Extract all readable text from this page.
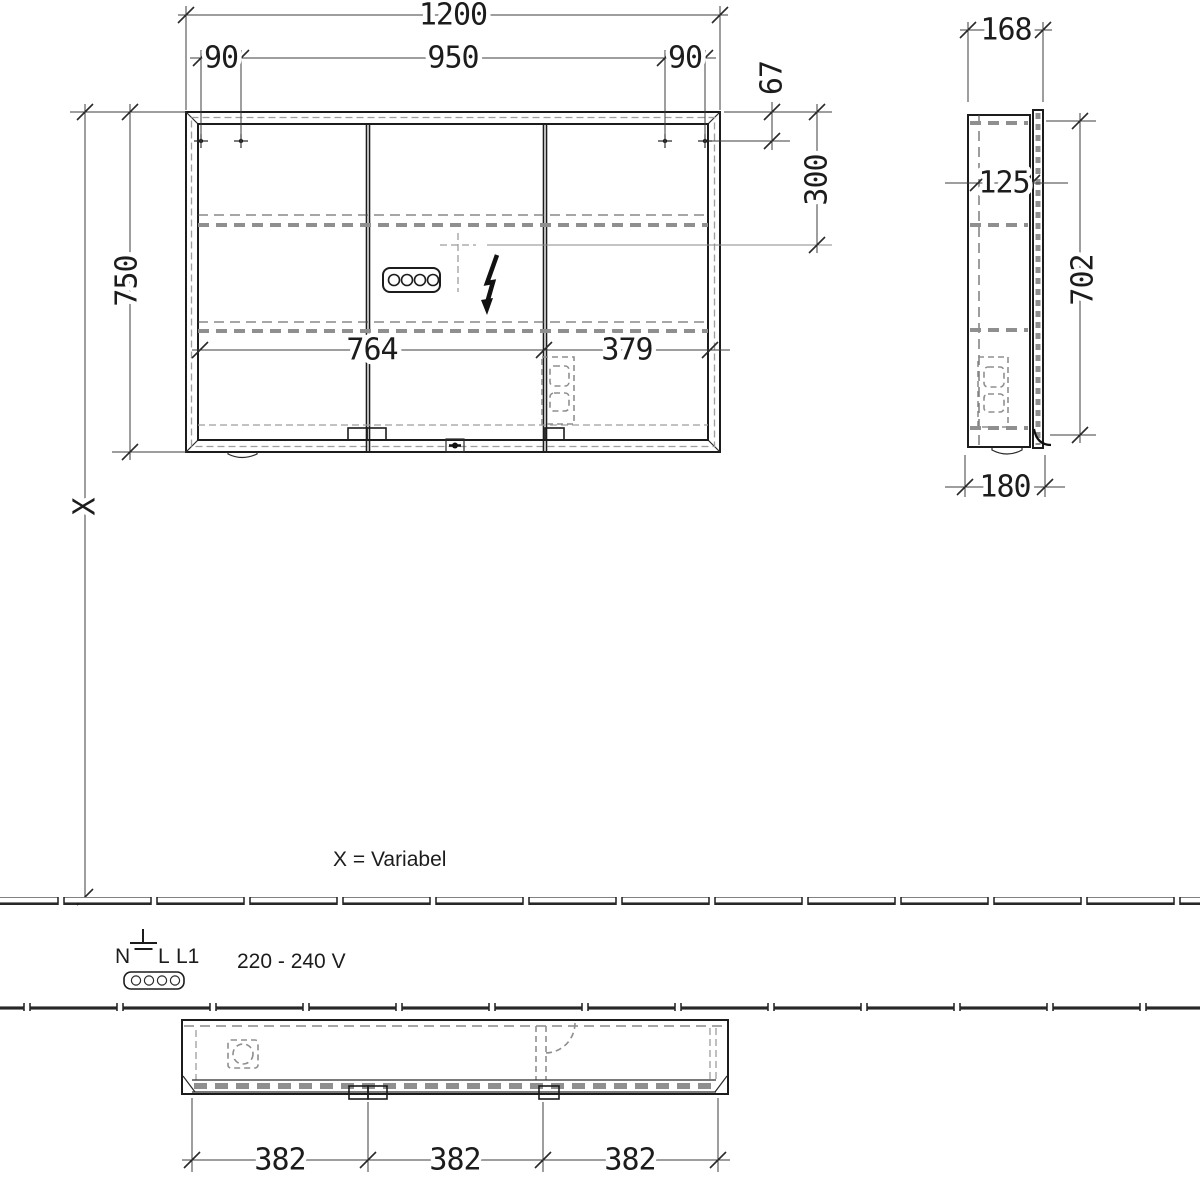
1200
90	950	90
67
300
750
X
764	379
168
125
702
180
N L L1 220 - 240 V
X = Variabel
382	382	382
